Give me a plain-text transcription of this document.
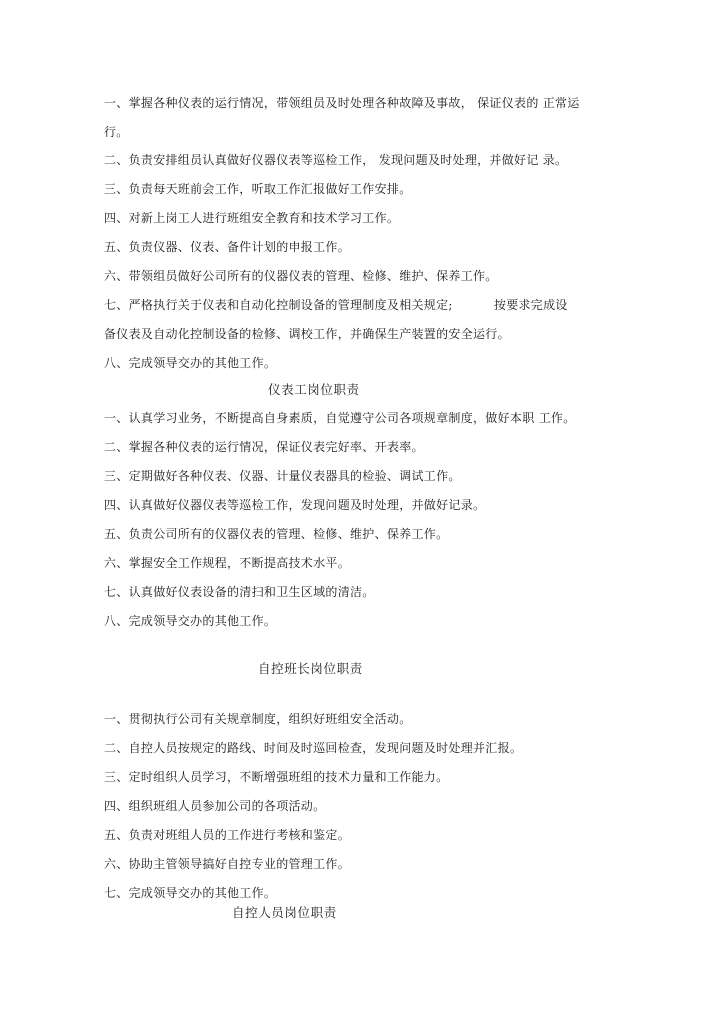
一、掌握各种仪表的运行情况，带领组员及时处理各种故障及事故， 保证仪表的 正常运
行。
二、负责安排组员认真做好仪器仪表等巡检工作， 发现问题及时处理，并做好记 录。
三、负责每天班前会工作，听取工作汇报做好工作安排。
四、对新上岗工人进行班组安全教育和技术学习工作。
五、负责仪器、仪表、备件计划的申报工作。
六、带领组员做好公司所有的仪器仪表的管理、检修、维护、保养工作。
七、严格执行关于仪表和自动化控制设备的管理制度及相关规定;          按要求完成设
备仪表及自动化控制设备的检修、调校工作，并确保生产装置的安全运行。
八、完成领导交办的其他工作。
仪表工岗位职责
一、认真学习业务，不断提高自身素质，自觉遵守公司各项规章制度，做好本职 工作。
二、掌握各种仪表的运行情况，保证仪表完好率、开表率。
三、定期做好各种仪表、仪器、计量仪表器具的检验、调试工作。
四、认真做好仪器仪表等巡检工作，发现问题及时处理，并做好记录。
五、负责公司所有的仪器仪表的管理、检修、维护、保养工作。
六、掌握安全工作规程，不断提高技术水平。
七、认真做好仪表设备的清扫和卫生区域的清洁。
八、完成领导交办的其他工作。
自控班长岗位职责
一、贯彻执行公司有关规章制度，组织好班组安全活动。
二、自控人员按规定的路线、时间及时巡回检查，发现问题及时处理并汇报。
三、定时组织人员学习，不断增强班组的技术力量和工作能力。
四、组织班组人员参加公司的各项活动。
五、负责对班组人员的工作进行考核和鉴定。
六、协助主管领导搞好自控专业的管理工作。
七、完成领导交办的其他工作。
自控人员岗位职责
